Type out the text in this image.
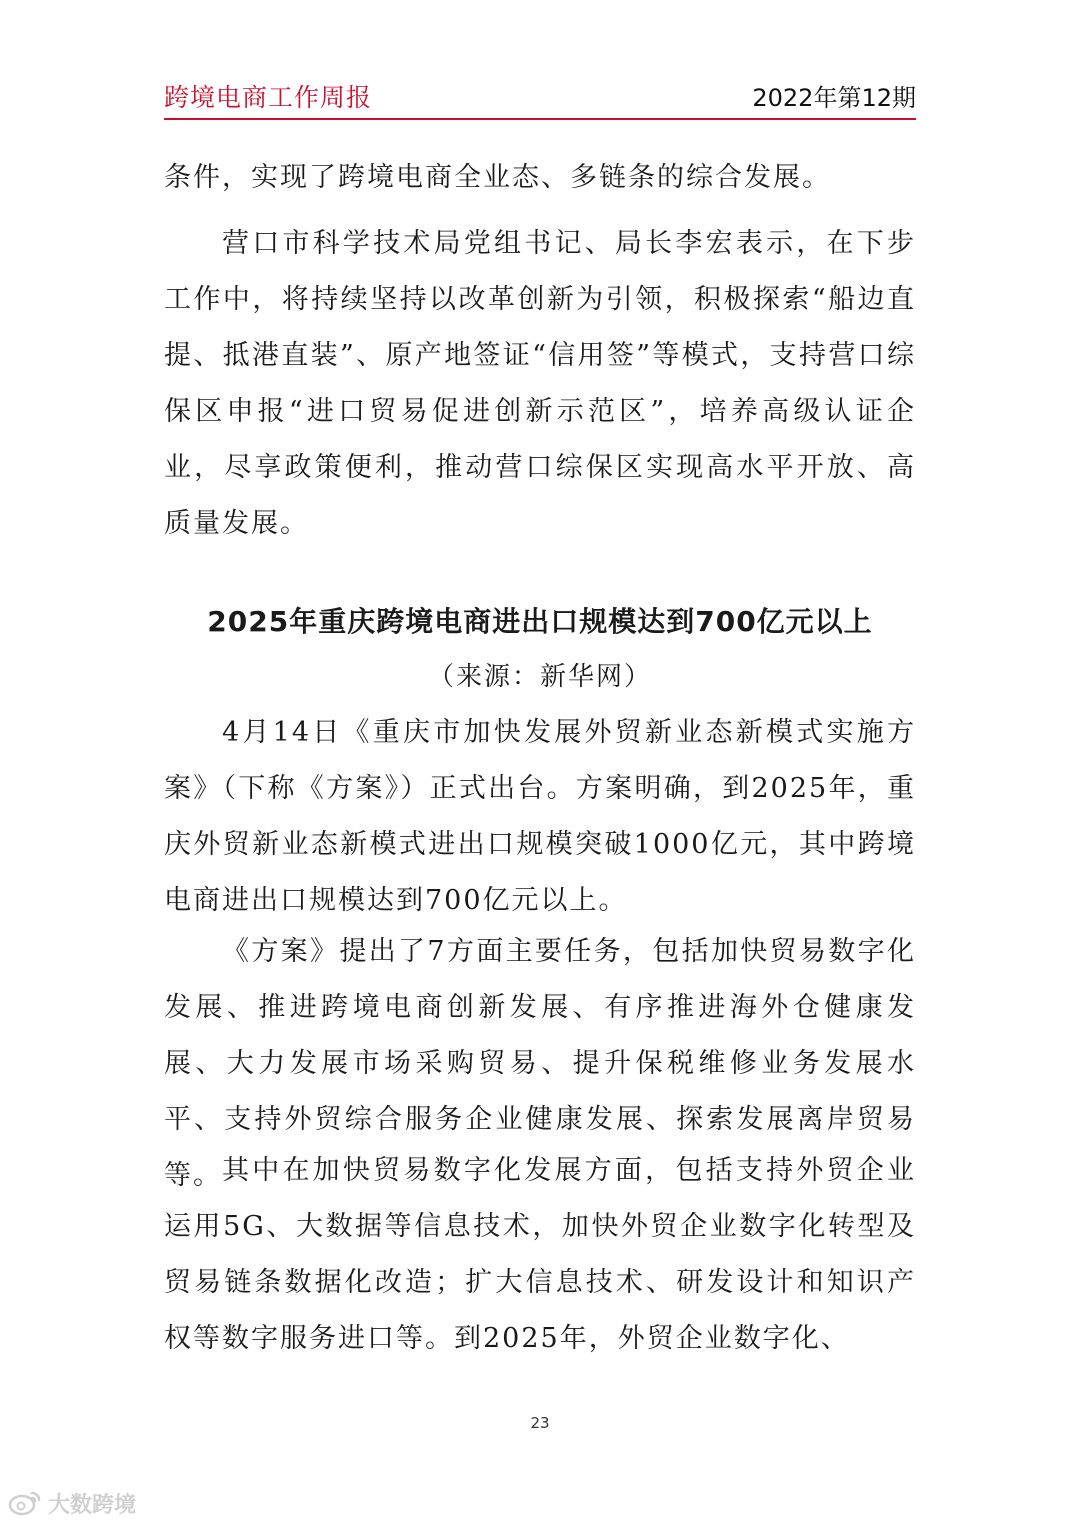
跨境电商工作周报	2022年第12期

条件，实现了跨境电商全业态、多链条的综合发展。

营口市科学技术局党组书记、局长李宏表示，在下步工作中，将持续坚持以改革创新为引领，积极探索“船边直提、抵港直装”、原产地签证“信用签”等模式，支持营口综保区申报“进口贸易促进创新示范区”，培养高级认证企业，尽享政策便利，推动营口综保区实现高水平开放、高质量发展。

2025年重庆跨境电商进出口规模达到700亿元以上

（来源：新华网）

4月14日《重庆市加快发展外贸新业态新模式实施方案》（下称《方案》）正式出台。方案明确，到2025年，重庆外贸新业态新模式进出口规模突破1000亿元，其中跨境电商进出口规模达到700亿元以上。

《方案》提出了7方面主要任务，包括加快贸易数字化发展、推进跨境电商创新发展、有序推进海外仓健康发展、大力发展市场采购贸易、提升保税维修业务发展水平、支持外贸综合服务企业健康发展、探索发展离岸贸易等。 其中在加快贸易数字化发展方面，包括支持外贸企业运用5G、大数据等信息技术，加快外贸企业数字化转型及贸易链条数据化改造；扩大信息技术、研发设计和知识产权等数字服务进口等。到2025年，外贸企业数字化、

23
大数跨境
